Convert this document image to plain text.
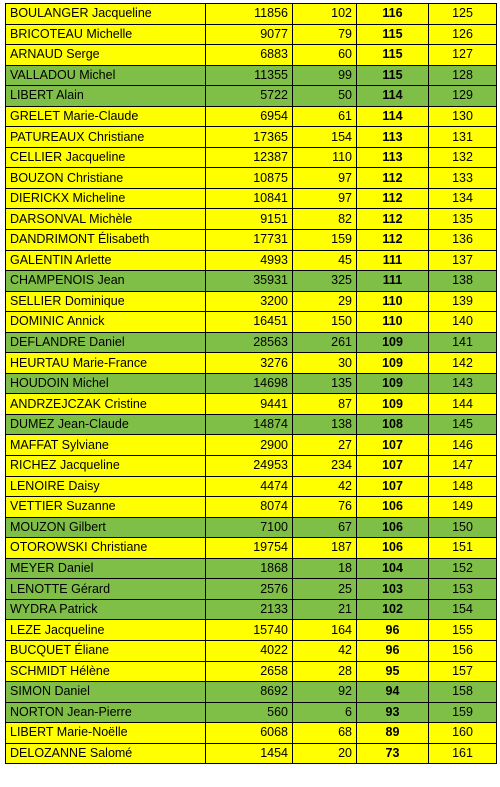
BOULANGER Jacqueline	11856	102	116	125
BRICOTEAU Michelle	9077	79	115	126
ARNAUD Serge	6883	60	115	127
VALLADOU Michel	11355	99	115	128
LIBERT Alain	5722	50	114	129
GRELET Marie-Claude	6954	61	114	130
PATUREAUX Christiane	17365	154	113	131
CELLIER Jacqueline	12387	110	113	132
BOUZON Christiane	10875	97	112	133
DIERICKX Micheline	10841	97	112	134
DARSONVAL Michèle	9151	82	112	135
DANDRIMONT Élisabeth	17731	159	112	136
GALENTIN Arlette	4993	45	111	137
CHAMPENOIS Jean	35931	325	111	138
SELLIER Dominique	3200	29	110	139
DOMINIC Annick	16451	150	110	140
DEFLANDRE Daniel	28563	261	109	141
HEURTAU Marie-France	3276	30	109	142
HOUDOIN Michel	14698	135	109	143
ANDRZEJCZAK Cristine	9441	87	109	144
DUMEZ Jean-Claude	14874	138	108	145
MAFFAT Sylviane	2900	27	107	146
RICHEZ Jacqueline	24953	234	107	147
LENOIRE Daisy	4474	42	107	148
VETTIER Suzanne	8074	76	106	149
MOUZON Gilbert	7100	67	106	150
OTOROWSKI Christiane	19754	187	106	151
MEYER Daniel	1868	18	104	152
LENOTTE Gérard	2576	25	103	153
WYDRA Patrick	2133	21	102	154
LEZE Jacqueline	15740	164	96	155
BUCQUET Éliane	4022	42	96	156
SCHMIDT Hélène	2658	28	95	157
SIMON Daniel	8692	92	94	158
NORTON Jean-Pierre	560	6	93	159
LIBERT Marie-Noëlle	6068	68	89	160
DELOZANNE Salomé	1454	20	73	161
